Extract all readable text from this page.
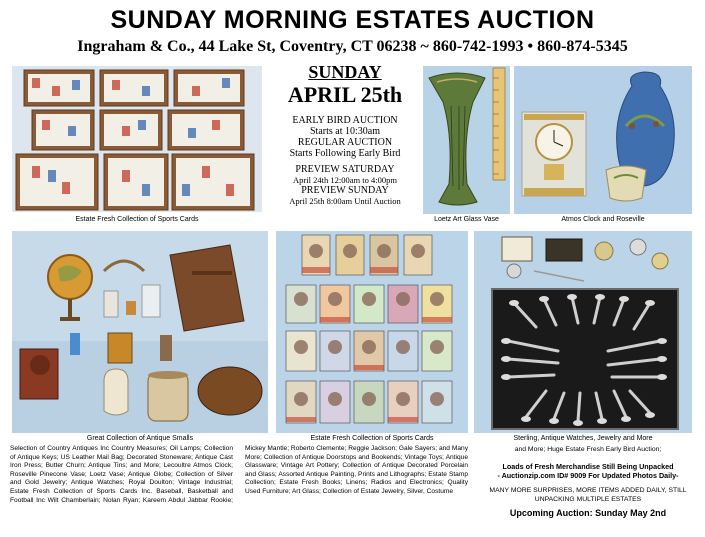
SUNDAY MORNING ESTATES AUCTION
Ingraham & Co., 44 Lake St, Coventry, CT 06238 ~ 860-742-1993 • 860-874-5345
Estate Fresh Collection of Sports Cards
SUNDAY
APRIL 25th
EARLY BIRD AUCTION
Starts at 10:30am
REGULAR AUCTION
Starts Following Early Bird
PREVIEW SATURDAY
April 24th 12:00am to 4:00pm
PREVIEW SUNDAY
April 25th 8:00am Until Auction
Loetz Art Glass Vase	Atmos Clock and Roseville
Great Collection of Antique Smalls	Estate Fresh Collection of Sports Cards	Sterling, Antique Watches, Jewelry and More
Selection of Country Antiques Inc Country Measures; Oil Lamps; Collection of Antique Keys; US Leather Mail Bag; Decorated Stoneware; Antique Cast Iron Press; Butter Churn; Antique Tins; and More; Lecoultre Atmos Clock; Roseville Pinecone Vase; Loetz Vase; Antique Globe; Collection of Silver and Gold Jewelry; Antique Watches; Royal Doulton; Vintage Industrial; Estate Fresh Collection of Sports Cards Inc. Baseball, Basketball and Football Inc Wilt Chamberlain; Nolan Ryan; Kareem Abdul Jabbar Rookie; Mickey Mantle; Roberto Clemente; Reggie Jackson; Gale Sayers; and Many More; Collection of Antique Doorstops and Bookends; Vintage Toys; Antique Glassware; Vintage Art Pottery; Collection of Antique Decorated Porcelain and Glass; Assorted Antique Painting, Prints and Lithographs; Estate Stamp Collection; Estate Fresh Books; Linens; Radios and Electronics; Quality Used Furniture; Art Glass; Collection of Estate Jewelry, Silver, Costume
and More; Huge Estate Fresh Early Bird Auction;
Loads of Fresh Merchandise Still Being Unpacked
- Auctionzip.com ID# 9009 For Updated Photos Daily-
MANY MORE SURPRISES, MORE ITEMS ADDED DAILY, STILL UNPACKING MULTIPLE ESTATES
Upcoming Auction: Sunday May 2nd
